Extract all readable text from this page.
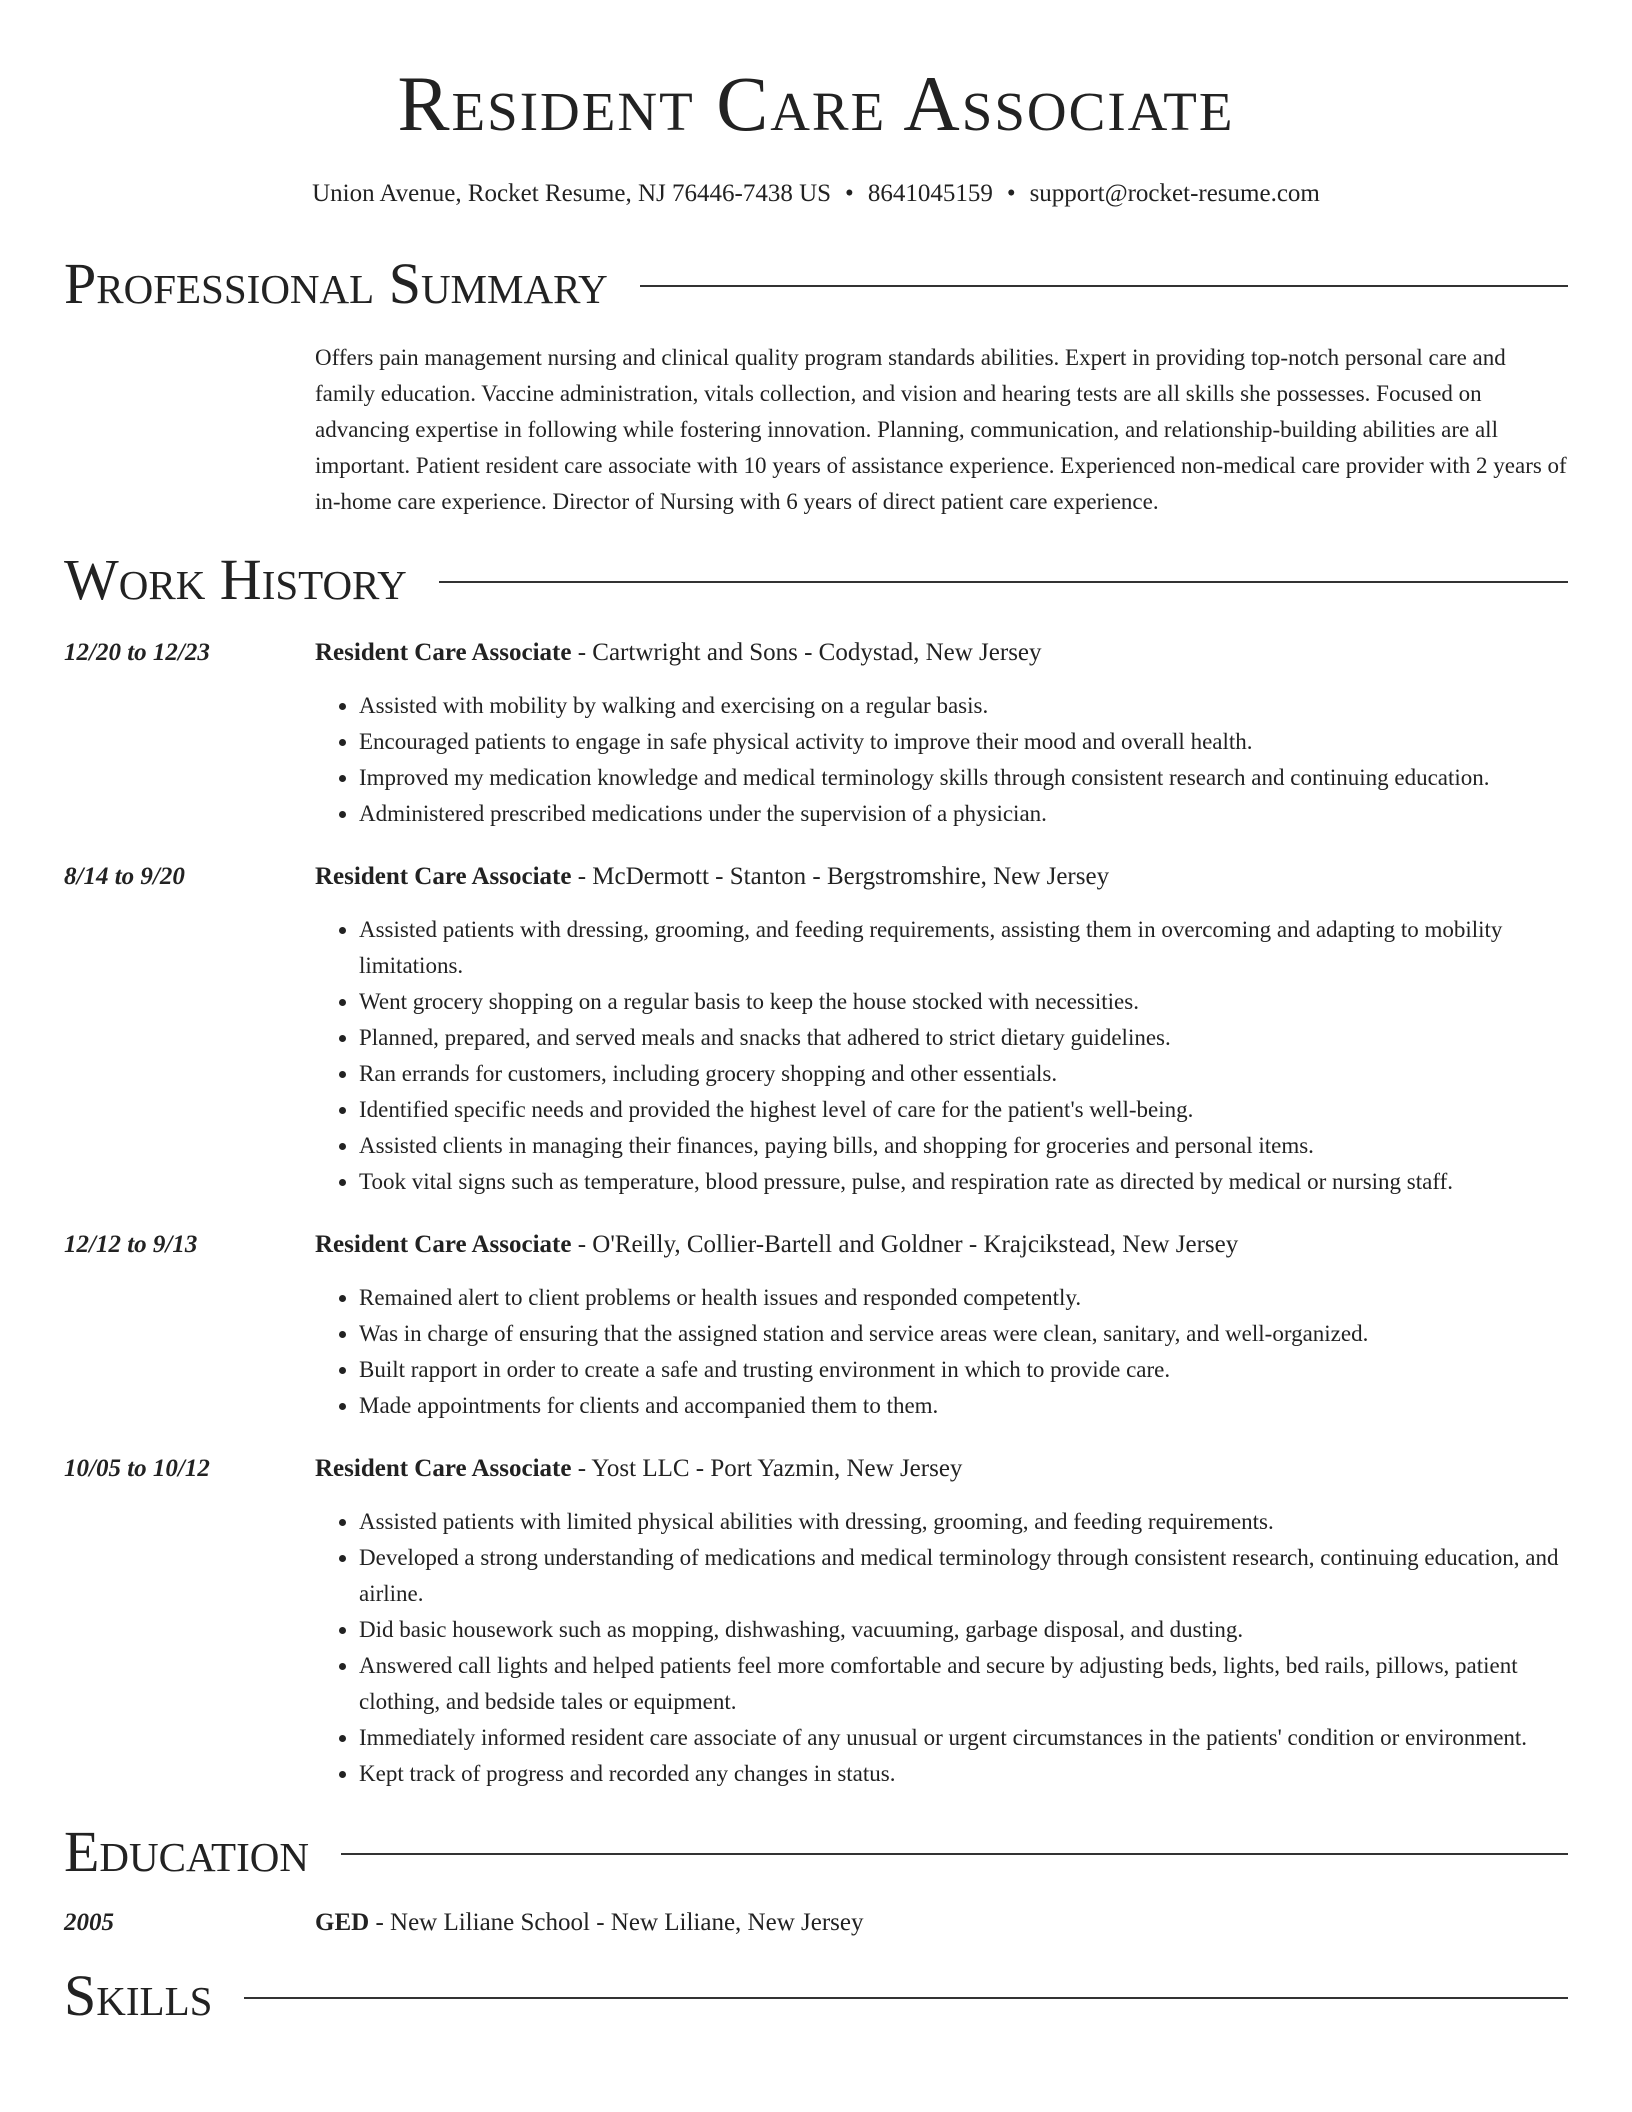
Resident Care Associate
Union Avenue, Rocket Resume, NJ 76446-7438 US • 8641045159 • support@rocket-resume.com
Professional Summary
Offers pain management nursing and clinical quality program standards abilities. Expert in providing top-notch personal care and family education. Vaccine administration, vitals collection, and vision and hearing tests are all skills she possesses. Focused on advancing expertise in following while fostering innovation. Planning, communication, and relationship-building abilities are all important. Patient resident care associate with 10 years of assistance experience. Experienced non-medical care provider with 2 years of in-home care experience. Director of Nursing with 6 years of direct patient care experience.
Work History
12/20 to 12/23	Resident Care Associate - Cartwright and Sons - Codystad, New Jersey
• Assisted with mobility by walking and exercising on a regular basis.
• Encouraged patients to engage in safe physical activity to improve their mood and overall health.
• Improved my medication knowledge and medical terminology skills through consistent research and continuing education.
• Administered prescribed medications under the supervision of a physician.
8/14 to 9/20	Resident Care Associate - McDermott - Stanton - Bergstromshire, New Jersey
• Assisted patients with dressing, grooming, and feeding requirements, assisting them in overcoming and adapting to mobility limitations.
• Went grocery shopping on a regular basis to keep the house stocked with necessities.
• Planned, prepared, and served meals and snacks that adhered to strict dietary guidelines.
• Ran errands for customers, including grocery shopping and other essentials.
• Identified specific needs and provided the highest level of care for the patient's well-being.
• Assisted clients in managing their finances, paying bills, and shopping for groceries and personal items.
• Took vital signs such as temperature, blood pressure, pulse, and respiration rate as directed by medical or nursing staff.
12/12 to 9/13	Resident Care Associate - O'Reilly, Collier-Bartell and Goldner - Krajcikstead, New Jersey
• Remained alert to client problems or health issues and responded competently.
• Was in charge of ensuring that the assigned station and service areas were clean, sanitary, and well-organized.
• Built rapport in order to create a safe and trusting environment in which to provide care.
• Made appointments for clients and accompanied them to them.
10/05 to 10/12	Resident Care Associate - Yost LLC - Port Yazmin, New Jersey
• Assisted patients with limited physical abilities with dressing, grooming, and feeding requirements.
• Developed a strong understanding of medications and medical terminology through consistent research, continuing education, and airline.
• Did basic housework such as mopping, dishwashing, vacuuming, garbage disposal, and dusting.
• Answered call lights and helped patients feel more comfortable and secure by adjusting beds, lights, bed rails, pillows, patient clothing, and bedside tales or equipment.
• Immediately informed resident care associate of any unusual or urgent circumstances in the patients' condition or environment.
• Kept track of progress and recorded any changes in status.
Education
2005	GED - New Liliane School - New Liliane, New Jersey
Skills
